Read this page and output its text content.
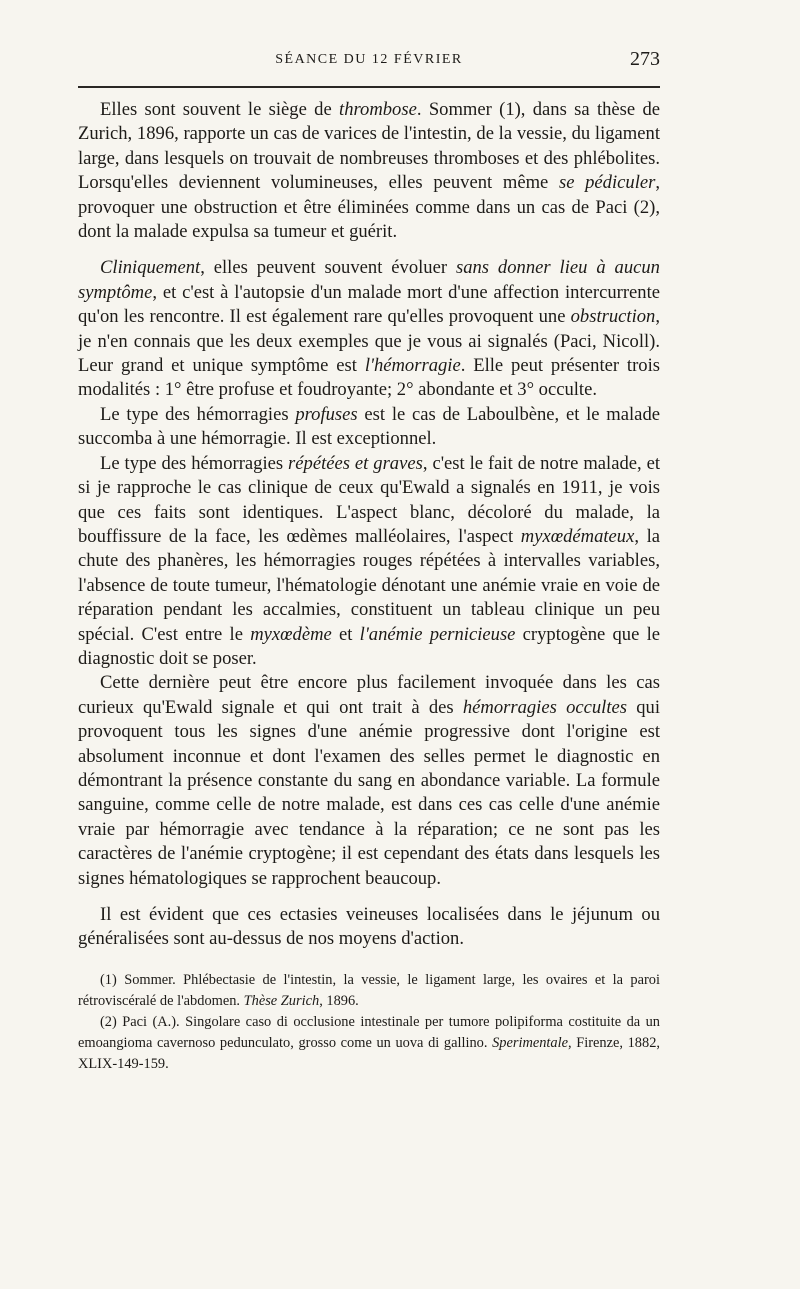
SÉANCE DU 12 FÉVRIER	273

Elles sont souvent le siège de thrombose. Sommer (1), dans sa thèse de Zurich, 1896, rapporte un cas de varices de l'intestin, de la vessie, du ligament large, dans lesquels on trouvait de nombreuses thromboses et des phlébolites. Lorsqu'elles deviennent volumineuses, elles peuvent même se pédiculer, provoquer une obstruction et être éliminées comme dans un cas de Paci (2), dont la malade expulsa sa tumeur et guérit.

Cliniquement, elles peuvent souvent évoluer sans donner lieu à aucun symptôme, et c'est à l'autopsie d'un malade mort d'une affection intercurrente qu'on les rencontre. Il est également rare qu'elles provoquent une obstruction, je n'en connais que les deux exemples que je vous ai signalés (Paci, Nicoll). Leur grand et unique symptôme est l'hémorragie. Elle peut présenter trois modalités : 1° être profuse et foudroyante; 2° abondante et 3° occulte.

Le type des hémorragies profuses est le cas de Laboulbène, et le malade succomba à une hémorragie. Il est exceptionnel.

Le type des hémorragies répétées et graves, c'est le fait de notre malade, et si je rapproche le cas clinique de ceux qu'Ewald a signalés en 1911, je vois que ces faits sont identiques. L'aspect blanc, décoloré du malade, la bouffissure de la face, les œdèmes malléolaires, l'aspect myxœdémateux, la chute des phanères, les hémorragies rouges répétées à intervalles variables, l'absence de toute tumeur, l'hématologie dénotant une anémie vraie en voie de réparation pendant les accalmies, constituent un tableau clinique un peu spécial. C'est entre le myxœdème et l'anémie pernicieuse cryptogène que le diagnostic doit se poser.

Cette dernière peut être encore plus facilement invoquée dans les cas curieux qu'Ewald signale et qui ont trait à des hémorragies occultes qui provoquent tous les signes d'une anémie progressive dont l'origine est absolument inconnue et dont l'examen des selles permet le diagnostic en démontrant la présence constante du sang en abondance variable. La formule sanguine, comme celle de notre malade, est dans ces cas celle d'une anémie vraie par hémorragie avec tendance à la réparation; ce ne sont pas les caractères de l'anémie cryptogène; il est cependant des états dans lesquels les signes hématologiques se rapprochent beaucoup.

Il est évident que ces ectasies veineuses localisées dans le jéjunum ou généralisées sont au-dessus de nos moyens d'action.

(1) Sommer. Phlébectasie de l'intestin, la vessie, le ligament large, les ovaires et la paroi rétroviscéralé de l'abdomen. Thèse Zurich, 1896.

(2) Paci (A.). Singolare caso di occlusione intestinale per tumore polipiforma costituite da un emoangioma cavernoso pedunculato, grosso come un uova di gallino. Sperimentale, Firenze, 1882, XLIX-149-159.
